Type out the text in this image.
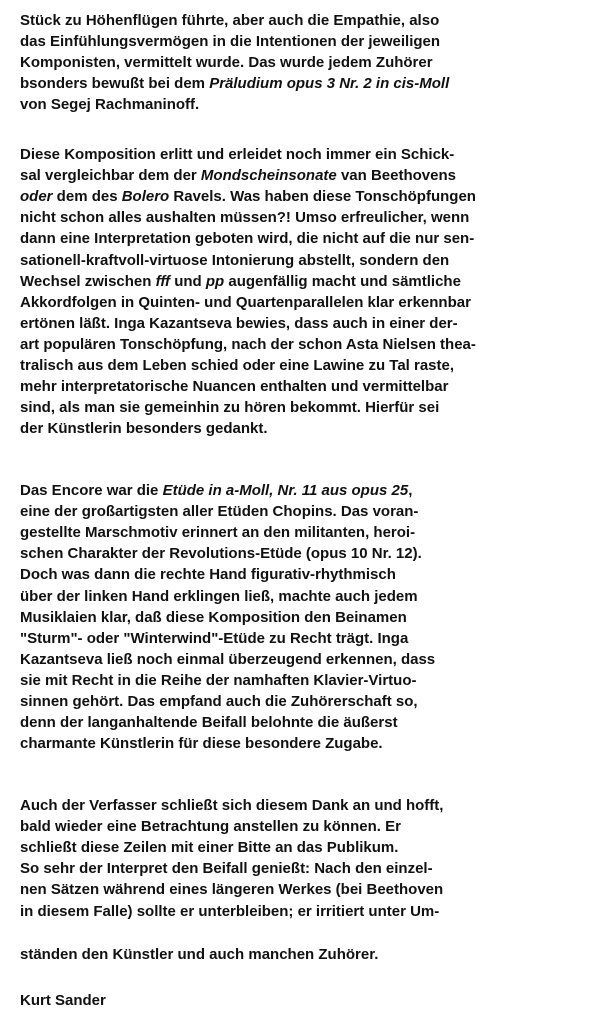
Stück zu Höhenflügen führte, aber auch die Empathie, also
das Einfühlungsvermögen in die Intentionen der jeweiligen
Komponisten, vermittelt wurde. Das wurde jedem Zuhörer
bsonders bewußt bei dem Präludium opus 3 Nr. 2 in cis-Moll
von Segej Rachmaninoff.
Diese Komposition erlitt und erleidet noch immer ein Schick-
sal vergleichbar dem der Mondscheinsonate van Beethovens
oder dem des Bolero Ravels. Was haben diese Tonschöpfungen
nicht schon alles aushalten müssen?! Umso erfreulicher, wenn
dann eine Interpretation geboten wird, die nicht auf die nur sen-
sationell-kraftvoll-virtuose Intonierung abstellt, sondern den
Wechsel zwischen fff und pp augenfällig macht und sämtliche
Akkordfolgen in Quinten- und Quartenparallelen klar erkennbar
ertönen läßt. Inga Kazantseva bewies, dass auch in einer der-
art populären Tonschöpfung, nach der schon Asta Nielsen thea-
tralisch aus dem Leben schied oder eine Lawine zu Tal raste,
mehr interpretatorische Nuancen enthalten und vermittelbar
sind, als man sie gemeinhin zu hören bekommt. Hierfür sei
der Künstlerin besonders gedankt.
Das Encore war die Etüde in a-Moll, Nr. 11 aus opus 25,
eine der großartigsten aller Etüden Chopins. Das voran-
gestellte Marschmotiv erinnert an den militanten, heroi-
schen Charakter der Revolutions-Etüde (opus 10 Nr. 12).
Doch was dann die rechte Hand figurativ-rhythmisch
über der linken Hand erklingen ließ, machte auch jedem
Musiklaien klar, daß diese Komposition den Beinamen
"Sturm"- oder "Winterwind"-Etüde zu Recht trägt. Inga
Kazantseva ließ noch einmal überzeugend erkennen, dass
sie mit Recht in die Reihe der namhaften Klavier-Virtuo-
sinnen gehört. Das empfand auch die Zuhörerschaft so,
denn der langanhaltende Beifall belohnte die äußerst
charmante Künstlerin für diese besondere Zugabe.
Auch der Verfasser schließt sich diesem Dank an und hofft,
bald wieder eine Betrachtung anstellen zu können. Er
schließt diese Zeilen mit einer Bitte an das Publikum.
So sehr der Interpret den Beifall genießt: Nach den einzel-
nen Sätzen während eines längeren Werkes (bei Beethoven
in diesem Falle) sollte er unterbleiben; er irritiert unter Um-
ständen den Künstler und auch manchen Zuhörer.
Kurt Sander
